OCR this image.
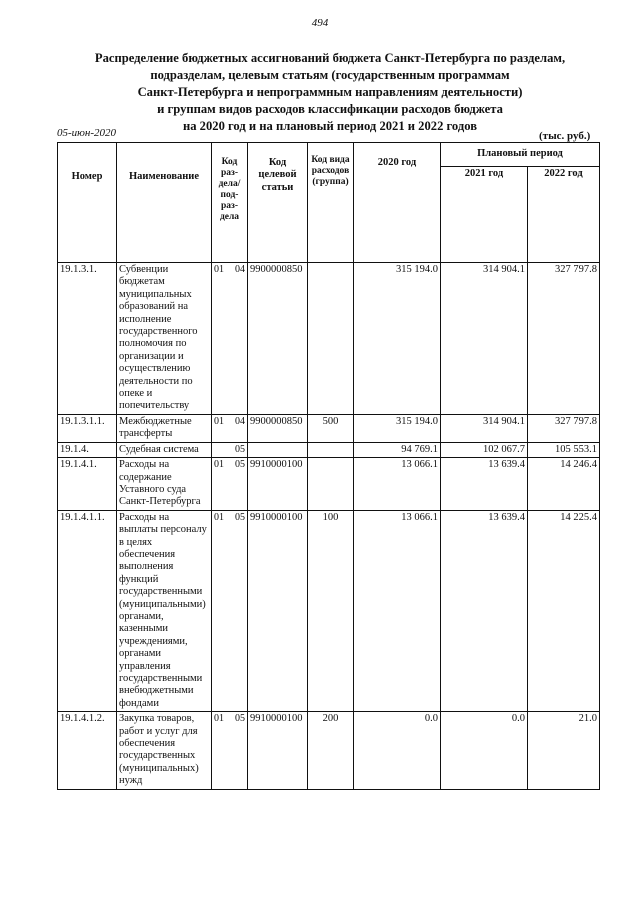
494
Распределение бюджетных ассигнований бюджета Санкт-Петербурга по разделам,
подразделам, целевым статьям (государственным программам
Санкт-Петербурга и непрограммным направлениям деятельности)
и группам видов расходов классификации расходов бюджета
на 2020 год и на плановый период 2021 и 2022 годов
05-июн-2020	(тыс. руб.)
Номер	Наименование	Код раз-дела/ под-раз-дела	Код целевой статьи	Код вида расходов (группа)	2020 год	Плановый период	
						2021 год	2022 год
19.1.3.1.	Субвенции бюджетам муниципальных образований на исполнение государственного полномочия по организации и осуществлению деятельности по опеке и попечительству	01 04	9900000850		315 194.0	314 904.1	327 797.8
19.1.3.1.1.	Межбюджетные трансферты	01 04	9900000850	500	315 194.0	314 904.1	327 797.8
19.1.4.	Судебная система	05			94 769.1	102 067.7	105 553.1
19.1.4.1.	Расходы на содержание Уставного суда Санкт-Петербурга	01 05	9910000100		13 066.1	13 639.4	14 246.4
19.1.4.1.1.	Расходы на выплаты персоналу в целях обеспечения выполнения функций государственными (муниципальными) органами, казенными учреждениями, органами управления государственными внебюджетными фондами	01 05	9910000100	100	13 066.1	13 639.4	14 225.4
19.1.4.1.2.	Закупка товаров, работ и услуг для обеспечения государственных (муниципальных) нужд	01 05	9910000100	200	0.0	0.0	21.0
